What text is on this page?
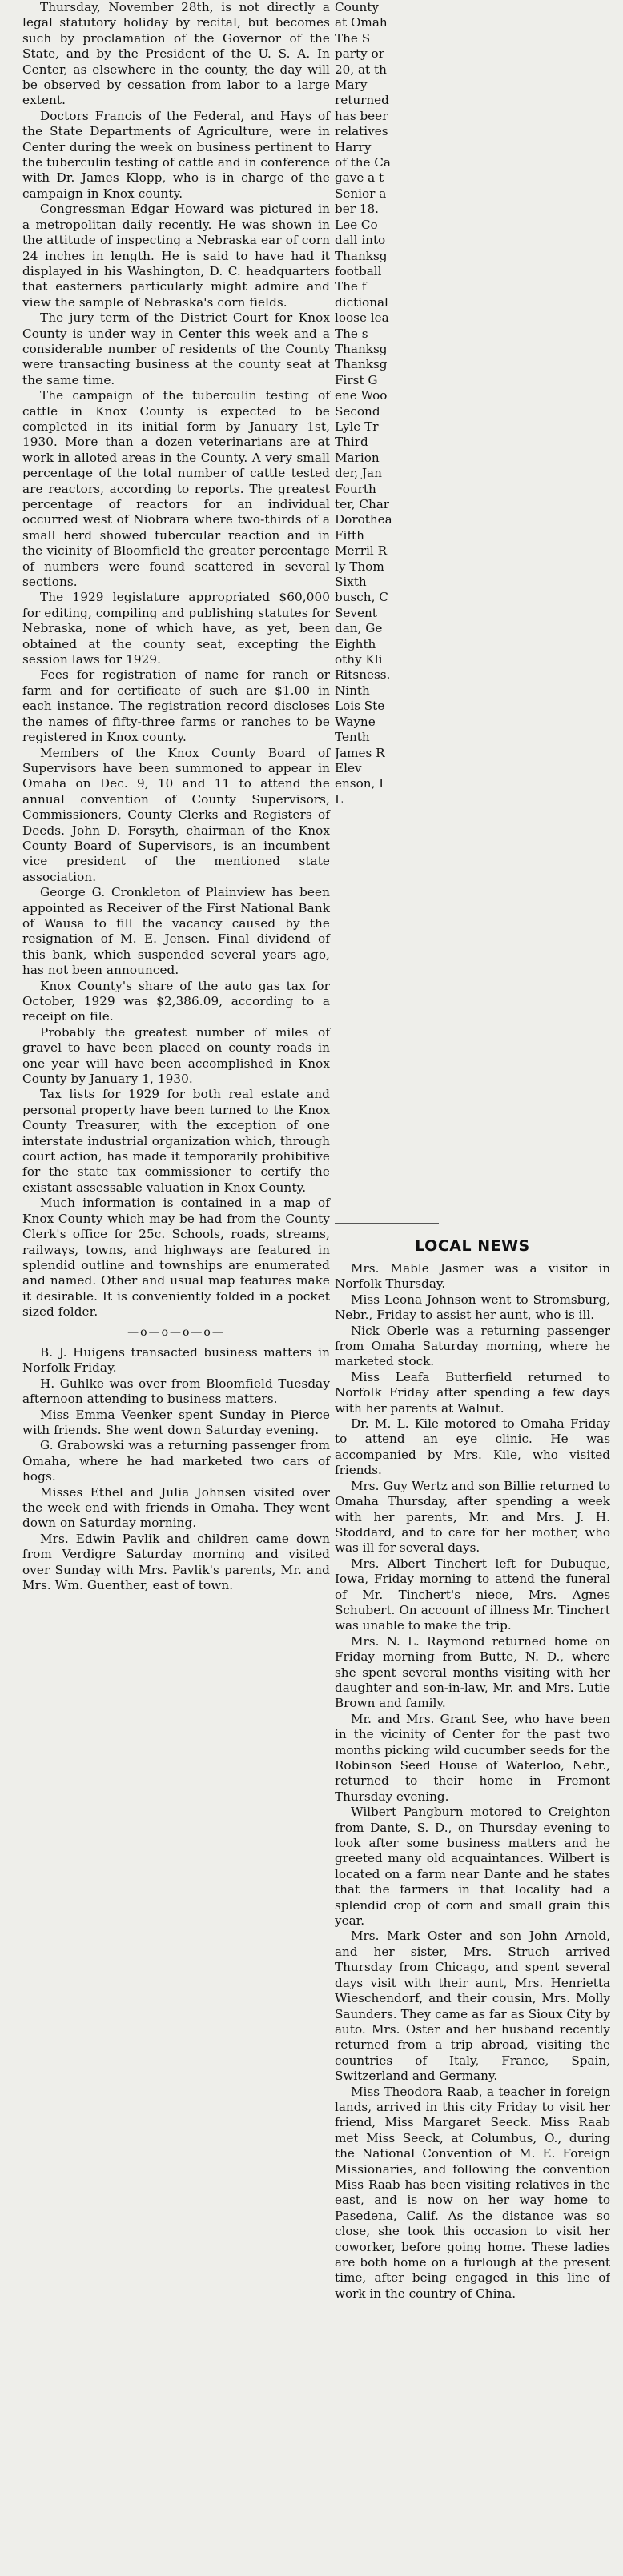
Thursday, November 28th, is not directly a legal statutory holiday by recital, but becomes such by proclamation of the Governor of the State, and by the President of the U. S. A. In Center, as elsewhere in the county, the day will be observed by cessation from labor to a large extent.

Doctors Francis of the Federal, and Hays of the State Departments of Agriculture, were in Center during the week on business pertinent to the tuberculin testing of cattle and in conference with Dr. James Klopp, who is in charge of the campaign in Knox county.

Congressman Edgar Howard was pictured in a metropolitan daily recently. He was shown in the attitude of inspecting a Nebraska ear of corn 24 inches in length. He is said to have had it displayed in his Washington, D. C. headquarters that easterners particularly might admire and view the sample of Nebraska's corn fields.

The jury term of the District Court for Knox County is under way in Center this week and a considerable number of residents of the County were transacting business at the county seat at the same time.

The campaign of the tuberculin testing of cattle in Knox County is expected to be completed in its initial form by January 1st, 1930. More than a dozen veterinarians are at work in alloted areas in the County. A very small percentage of the total number of cattle tested are reactors, according to reports. The greatest percentage of reactors for an individual occurred west of Niobrara where two-thirds of a small herd showed tubercular reaction and in the vicinity of Bloomfield the greater percentage of numbers were found scattered in several sections.

The 1929 legislature appropriated $60,000 for editing, compiling and publishing statutes for Nebraska, none of which have, as yet, been obtained at the county seat, excepting the session laws for 1929.

Fees for registration of name for ranch or farm and for certificate of such are $1.00 in each instance. The registration record discloses the names of fifty-three farms or ranches to be registered in Knox county.

Members of the Knox County Board of Supervisors have been summoned to appear in Omaha on Dec. 9, 10 and 11 to attend the annual convention of County Supervisors, Commissioners, County Clerks and Registers of Deeds. John D. Forsyth, chairman of the Knox County Board of Supervisors, is an incumbent vice president of the mentioned state association.

George G. Cronkleton of Plainview has been appointed as Receiver of the First National Bank of Wausa to fill the vacancy caused by the resignation of M. E. Jensen. Final dividend of this bank, which suspended several years ago, has not been announced.

Knox County's share of the auto gas tax for October, 1929 was $2,386.09, according to a receipt on file.

Probably the greatest number of miles of gravel to have been placed on county roads in one year will have been accomplished in Knox County by January 1, 1930.

Tax lists for 1929 for both real estate and personal property have been turned to the Knox County Treasurer, with the exception of one interstate industrial organization which, through court action, has made it temporarily prohibitive for the state tax commissioner to certify the existant assessable valuation in Knox County.

Much information is contained in a map of Knox County which may be had from the County Clerk's office for 25c. Schools, roads, streams, railways, towns, and highways are featured in splendid outline and townships are enumerated and named. Other and usual map features make it desirable. It is conveniently folded in a pocket sized folder.

—o—o—o—o—

B. J. Huigens transacted business matters in Norfolk Friday.

H. Guhlke was over from Bloomfield Tuesday afternoon attending to business matters.

Miss Emma Veenker spent Sunday in Pierce with friends. She went down Saturday evening.

G. Grabowski was a returning passenger from Omaha, where he had marketed two cars of hogs.

Misses Ethel and Julia Johnsen visited over the week end with friends in Omaha. They went down on Saturday morning.

Mrs. Edwin Pavlik and children came down from Verdigre Saturday morning and visited over Sunday with Mrs. Pavlik's parents, Mr. and Mrs. Wm. Guenther, east of town.

County

at Omah

The S

party or

20, at th

Mary

returned

has beer

relatives

Harry

of the Ca

gave a t

Senior a

ber 18.

Lee Co

dall into

Thanksg

football

The f

dictional

loose lea

The s

Thanksg

Thanksg

First G

ene Woo

Second

Lyle Tr

Third

Marion

der, Jan

Fourth

ter, Char

Dorothea

Fifth

Merril R

ly Thom

Sixth

busch, C

Sevent

dan, Ge

Eighth

othy Kli

Ritsness.

Ninth

Lois Ste

Wayne

Tenth

James R

Elev

enson, I

L

LOCAL NEWS

Mrs. Mable Jasmer was a visitor in Norfolk Thursday.

Miss Leona Johnson went to Stromsburg, Nebr., Friday to assist her aunt, who is ill.

Nick Oberle was a returning passenger from Omaha Saturday morning, where he marketed stock.

Miss Leafa Butterfield returned to Norfolk Friday after spending a few days with her parents at Walnut.

Dr. M. L. Kile motored to Omaha Friday to attend an eye clinic. He was accompanied by Mrs. Kile, who visited friends.

Mrs. Guy Wertz and son Billie returned to Omaha Thursday, after spending a week with her parents, Mr. and Mrs. J. H. Stoddard, and to care for her mother, who was ill for several days.

Mrs. Albert Tinchert left for Dubuque, Iowa, Friday morning to attend the funeral of Mr. Tinchert's niece, Mrs. Agnes Schubert. On account of illness Mr. Tinchert was unable to make the trip.

Mrs. N. L. Raymond returned home on Friday morning from Butte, N. D., where she spent several months visiting with her daughter and son-in-law, Mr. and Mrs. Lutie Brown and family.

Mr. and Mrs. Grant See, who have been in the vicinity of Center for the past two months picking wild cucumber seeds for the Robinson Seed House of Waterloo, Nebr., returned to their home in Fremont Thursday evening.

Wilbert Pangburn motored to Creighton from Dante, S. D., on Thursday evening to look after some business matters and he greeted many old acquaintances. Wilbert is located on a farm near Dante and he states that the farmers in that locality had a splendid crop of corn and small grain this year.

Mrs. Mark Oster and son John Arnold, and her sister, Mrs. Struch arrived Thursday from Chicago, and spent several days visit with their aunt, Mrs. Henrietta Wieschendorf, and their cousin, Mrs. Molly Saunders. They came as far as Sioux City by auto. Mrs. Oster and her husband recently returned from a trip abroad, visiting the countries of Italy, France, Spain, Switzerland and Germany.

Miss Theodora Raab, a teacher in foreign lands, arrived in this city Friday to visit her friend, Miss Margaret Seeck. Miss Raab met Miss Seeck, at Columbus, O., during the National Convention of M. E. Foreign Missionaries, and following the convention Miss Raab has been visiting relatives in the east, and is now on her way home to Pasedena, Calif. As the distance was so close, she took this occasion to visit her coworker, before going home. These ladies are both home on a furlough at the present time, after being engaged in this line of work in the country of China.
